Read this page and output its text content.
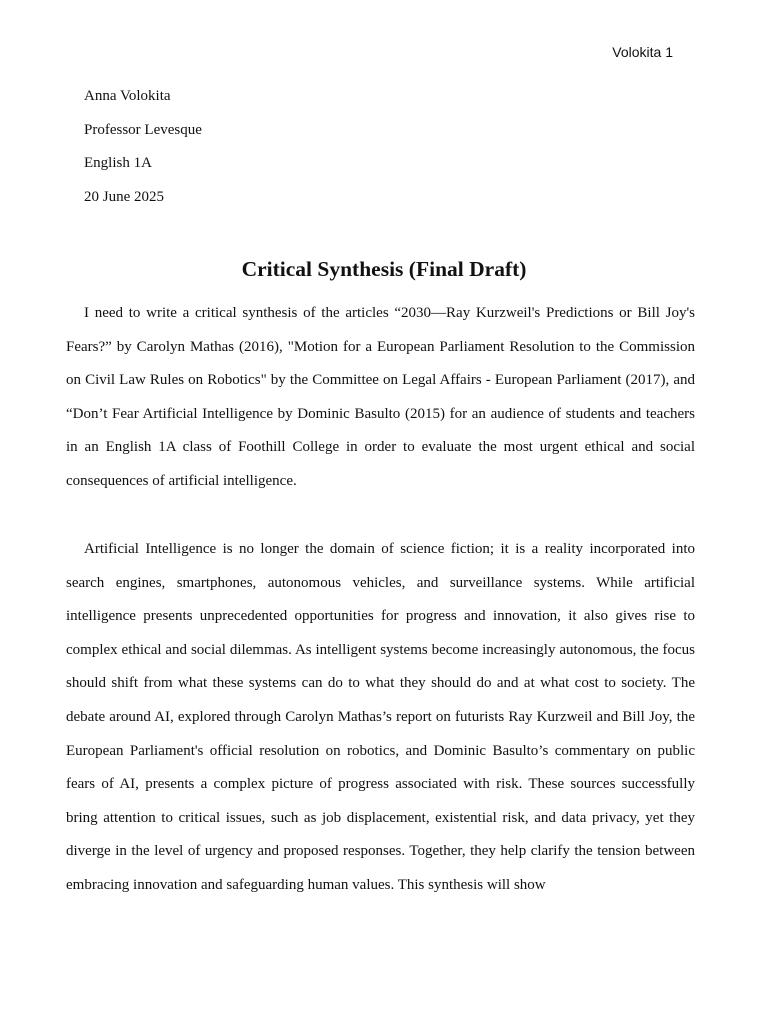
Volokita 1
Anna Volokita
Professor Levesque
English 1A
20 June 2025
Critical Synthesis (Final Draft)

I need to write a critical synthesis of the articles “2030—Ray Kurzweil's Predictions or Bill Joy's Fears?” by Carolyn Mathas (2016), "Motion for a European Parliament Resolution to the Commission on Civil Law Rules on Robotics" by the Committee on Legal Affairs - European Parliament (2017), and “Don’t Fear Artificial Intelligence by Dominic Basulto (2015) for an audience of students and teachers in an English 1A class of Foothill College in order to evaluate the most urgent ethical and social consequences of artificial intelligence.

Artificial Intelligence is no longer the domain of science fiction; it is a reality incorporated into search engines, smartphones, autonomous vehicles, and surveillance systems. While artificial intelligence presents unprecedented opportunities for progress and innovation, it also gives rise to complex ethical and social dilemmas. As intelligent systems become increasingly autonomous, the focus should shift from what these systems can do to what they should do and at what cost to society. The debate around AI, explored through Carolyn Mathas’s report on futurists Ray Kurzweil and Bill Joy, the European Parliament's official resolution on robotics, and Dominic Basulto’s commentary on public fears of AI, presents a complex picture of progress associated with risk. These sources successfully bring attention to critical issues, such as job displacement, existential risk, and data privacy, yet they diverge in the level of urgency and proposed responses. Together, they help clarify the tension between embracing innovation and safeguarding human values. This synthesis will show
